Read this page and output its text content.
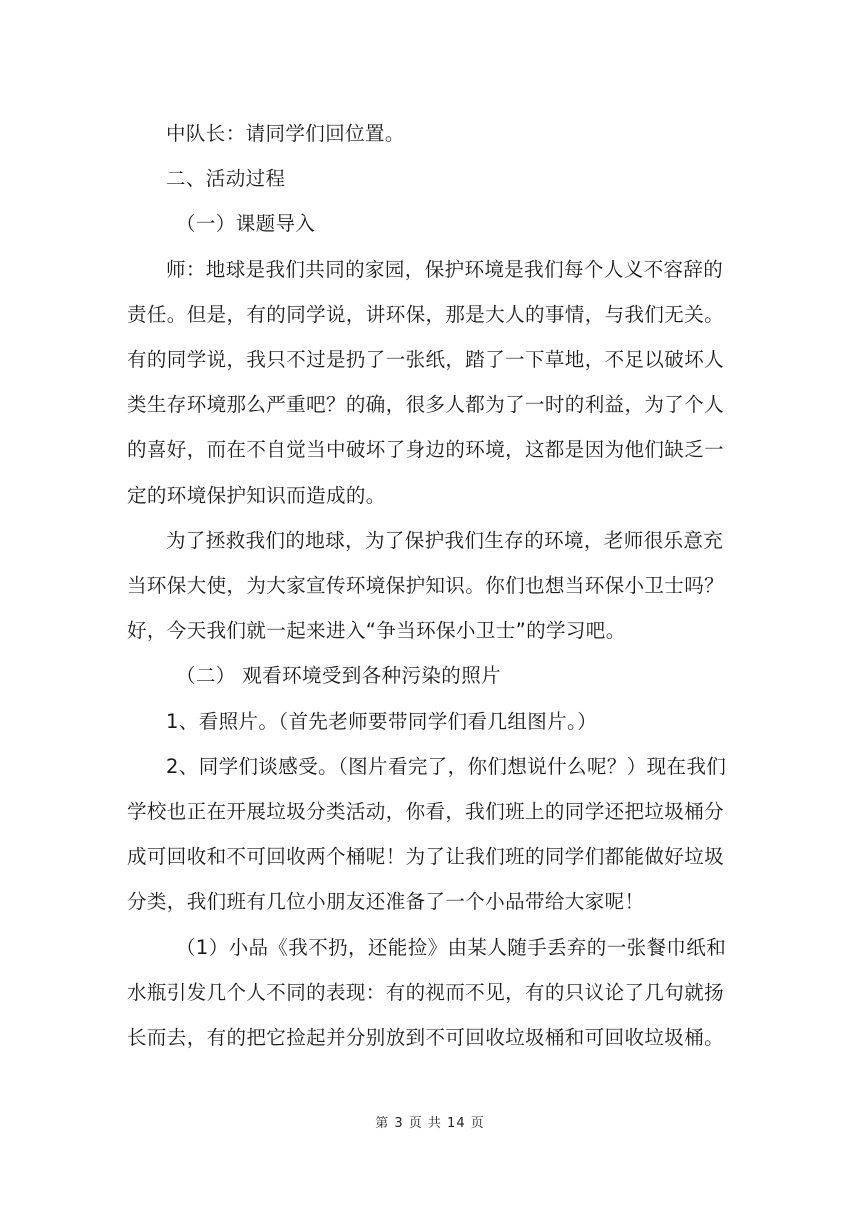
中队长：请同学们回位置。

二、活动过程

（一）课题导入

师：地球是我们共同的家园，保护环境是我们每个人义不容辞的
责任。但是，有的同学说，讲环保，那是大人的事情，与我们无关。
有的同学说，我只不过是扔了一张纸，踏了一下草地，不足以破坏人
类生存环境那么严重吧？的确，很多人都为了一时的利益，为了个人
的喜好，而在不自觉当中破坏了身边的环境，这都是因为他们缺乏一
定的环境保护知识而造成的。

为了拯救我们的地球，为了保护我们生存的环境，老师很乐意充
当环保大使，为大家宣传环境保护知识。你们也想当环保小卫士吗？
好，今天我们就一起来进入“争当环保小卫士”的学习吧。

（二） 观看环境受到各种污染的照片

1、看照片。（首先老师要带同学们看几组图片。）

2、同学们谈感受。（图片看完了，你们想说什么呢？）现在我们
学校也正在开展垃圾分类活动，你看，我们班上的同学还把垃圾桶分
成可回收和不可回收两个桶呢！为了让我们班的同学们都能做好垃圾
分类，我们班有几位小朋友还准备了一个小品带给大家呢！

（1）小品《我不扔，还能捡》由某人随手丢弃的一张餐巾纸和
水瓶引发几个人不同的表现：有的视而不见，有的只议论了几句就扬
长而去，有的把它捡起并分别放到不可回收垃圾桶和可回收垃圾桶。

第 3 页 共 14 页
